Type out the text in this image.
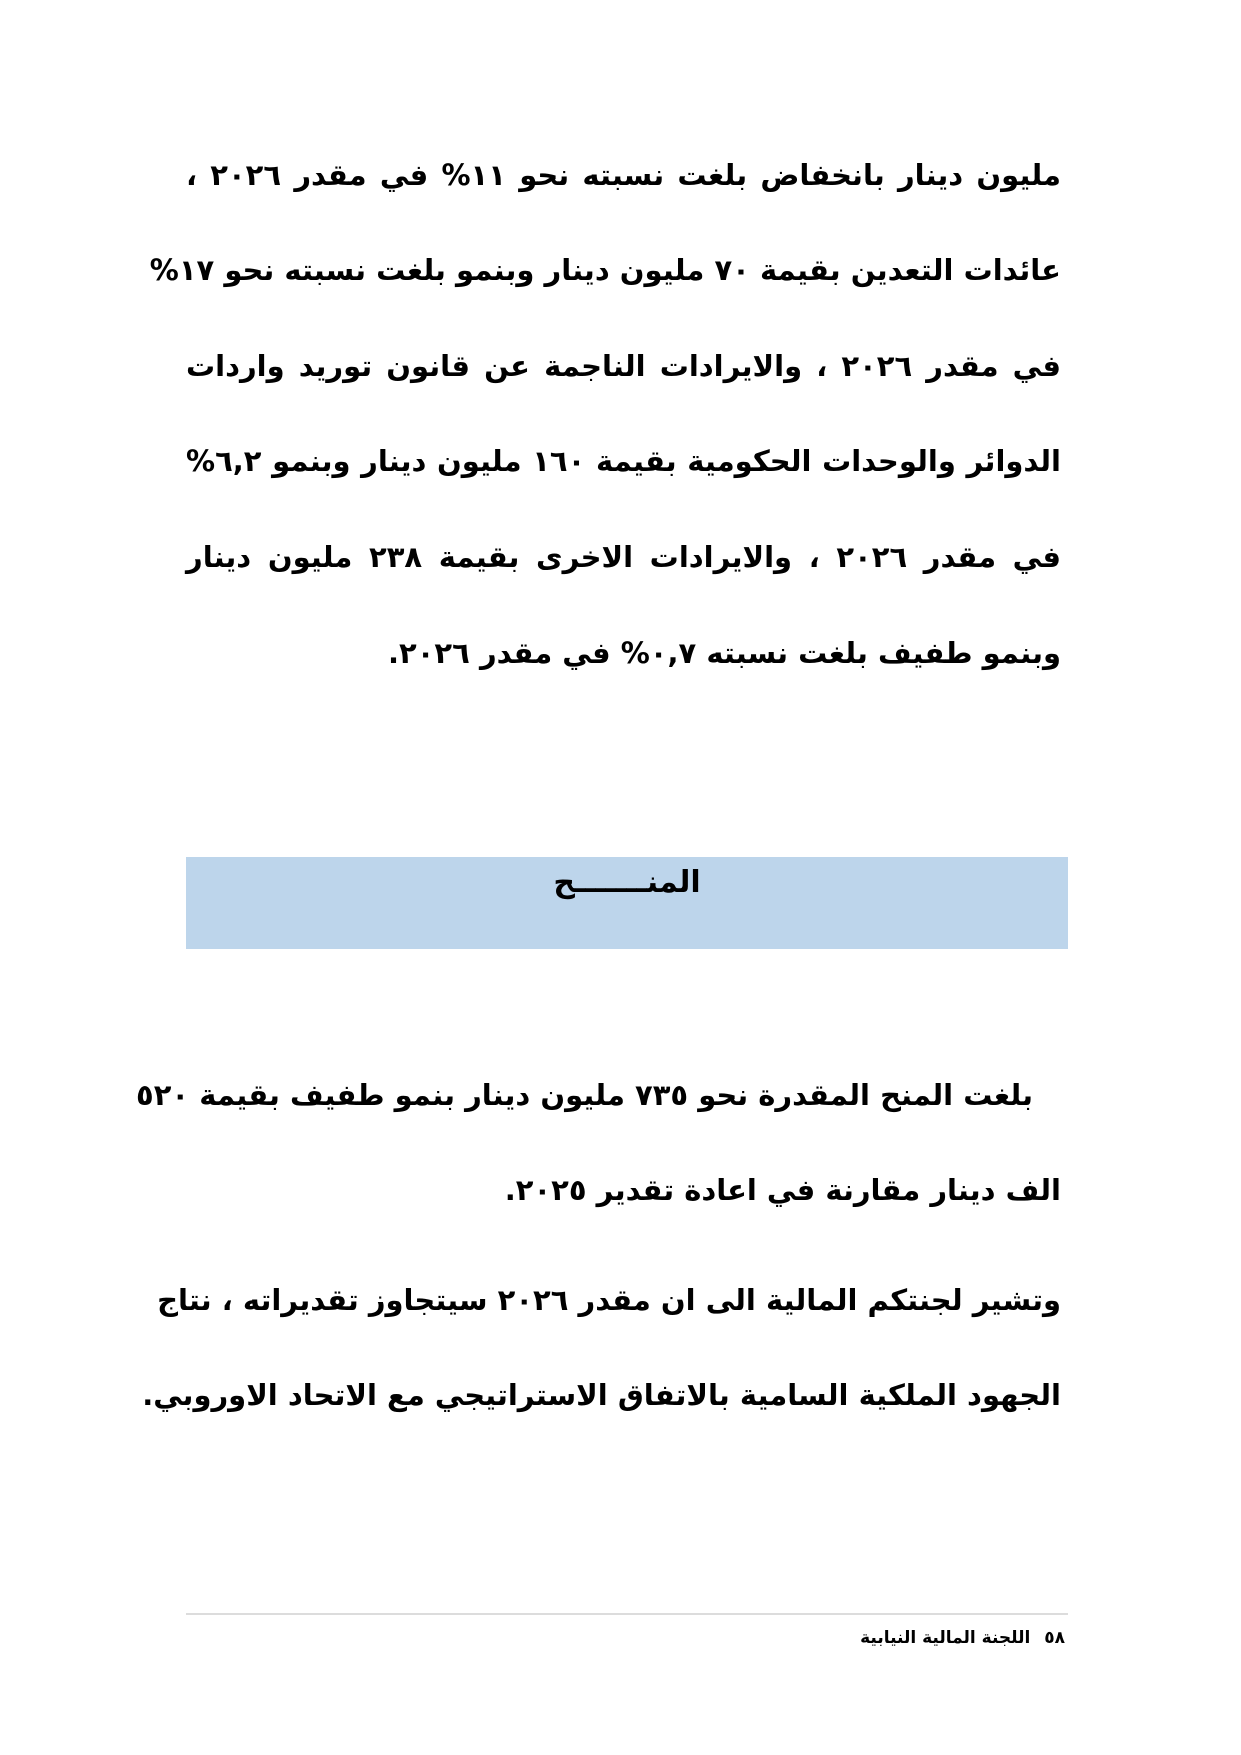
مليون دينار بانخفاض بلغت نسبته نحو ١١% في مقدر ٢٠٢٦ ،
عائدات التعدين بقيمة ٧٠ مليون دينار وبنمو بلغت نسبته نحو ١٧%
في مقدر ٢٠٢٦ ، والايرادات الناجمة عن قانون توريد واردات
الدوائر والوحدات الحكومية بقيمة ١٦٠ مليون دينار وبنمو ٦,٢%
في مقدر ٢٠٢٦ ، والايرادات الاخرى بقيمة ٢٣٨ مليون دينار
وبنمو طفيف بلغت نسبته ٠,٧% في مقدر ٢٠٢٦.
المنـــــــح
بلغت المنح المقدرة نحو ٧٣٥ مليون دينار بنمو طفيف بقيمة ٥٢٠
الف دينار مقارنة في اعادة تقدير ٢٠٢٥.
وتشير لجنتكم المالية الى ان مقدر ٢٠٢٦ سيتجاوز تقديراته ، نتاج
الجهود الملكية السامية بالاتفاق الاستراتيجي مع الاتحاد الاوروبي.
٥٨ اللجنة المالية النيابية
